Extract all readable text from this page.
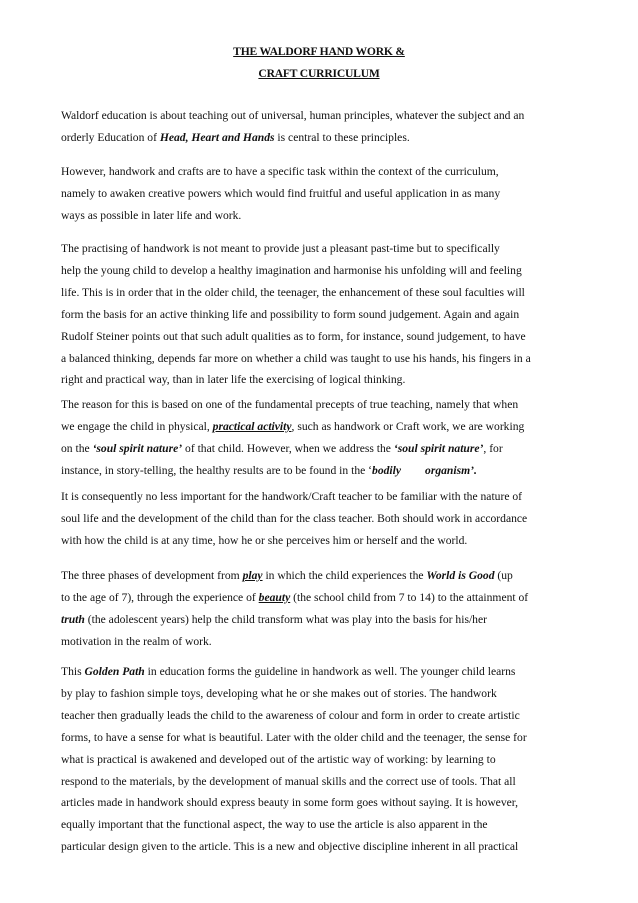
THE WALDORF HAND WORK &
CRAFT CURRICULUM
Waldorf education is about teaching out of universal, human principles, whatever the subject and an
orderly Education of Head, Heart and Hands is central to these principles.
However, handwork and crafts are to have a specific task within the context of the curriculum,
namely to awaken creative powers which would find fruitful and useful application in as many
ways as possible in later life and work.
The practising of handwork is not meant to provide just a pleasant past-time but to specifically
help the young child to develop a healthy imagination and harmonise his unfolding will and feeling
life. This is in order that in the older child, the teenager, the enhancement of these soul faculties will
form the basis for an active thinking life and possibility to form sound judgement. Again and again
Rudolf Steiner points out that such adult qualities as to form, for instance, sound judgement, to have
a balanced thinking, depends far more on whether a child was taught to use his hands, his fingers in a
right and practical way, than in later life the exercising of logical thinking.
The reason for this is based on one of the fundamental precepts of true teaching, namely that when
we engage the child in physical, practical activity, such as handwork or Craft work, we are working
on the ‘soul spirit nature’ of that child. However, when we address the ‘soul spirit nature’, for
instance, in story-telling, the healthy results are to be found in the ‘bodily organism’.
It is consequently no less important for the handwork/Craft teacher to be familiar with the nature of
soul life and the development of the child than for the class teacher. Both should work in accordance
with how the child is at any time, how he or she perceives him or herself and the world.
The three phases of development from play in which the child experiences the World is Good (up
to the age of 7), through the experience of beauty (the school child from 7 to 14) to the attainment of
truth (the adolescent years) help the child transform what was play into the basis for his/her
motivation in the realm of work.
This Golden Path in education forms the guideline in handwork as well. The younger child learns
by play to fashion simple toys, developing what he or she makes out of stories. The handwork
teacher then gradually leads the child to the awareness of colour and form in order to create artistic
forms, to have a sense for what is beautiful. Later with the older child and the teenager, the sense for
what is practical is awakened and developed out of the artistic way of working: by learning to
respond to the materials, by the development of manual skills and the correct use of tools. That all
articles made in handwork should express beauty in some form goes without saying. It is however,
equally important that the functional aspect, the way to use the article is also apparent in the
particular design given to the article. This is a new and objective discipline inherent in all practical
